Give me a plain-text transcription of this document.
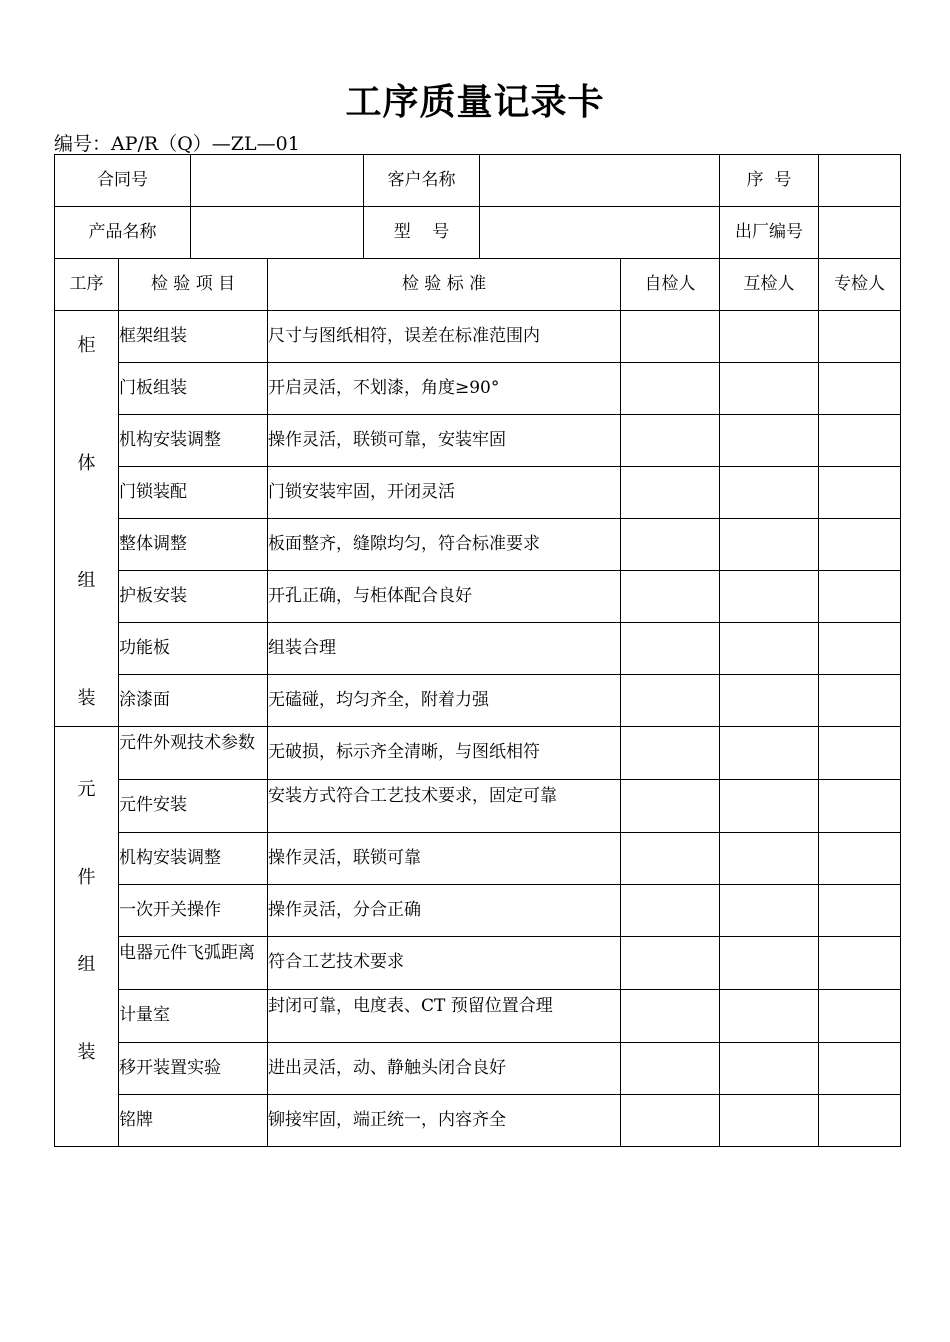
工序质量记录卡
编号：AP/R（Q）—ZL—01
合同号				客户名称			序  号	
产品名称				型    号			出厂编号	
工序	检 验 项 目		检 验 标 准			自检人	互检人	专检人

柜
体
组
装	框架组装		尺寸与图纸相符，误差在标准范围内					
	门板组装		开启灵活，不划漆，角度≥90°					
	机构安装调整		操作灵活，联锁可靠，安装牢固					
	门锁装配		门锁安装牢固，开闭灵活					
	整体调整		板面整齐，缝隙均匀，符合标准要求					
	护板安装		开孔正确，与柜体配合良好					
	功能板		组装合理					
	涂漆面		无磕碰，均匀齐全，附着力强					

元
件
组
装	元件外观技术参数		无破损，标示齐全清晰，与图纸相符					
	元件安装		安装方式符合工艺技术要求，固定可靠					

	机构安装调整		操作灵活，联锁可靠					
	一次开关操作		操作灵活，分合正确					

	电器元件飞弧距离		符合工艺技术要求					
	计量室		封闭可靠，电度表、CT 预留位置合理					

	移开装置实验		进出灵活，动、静触头闭合良好					
	铭牌		铆接牢固，端正统一，内容齐全					
